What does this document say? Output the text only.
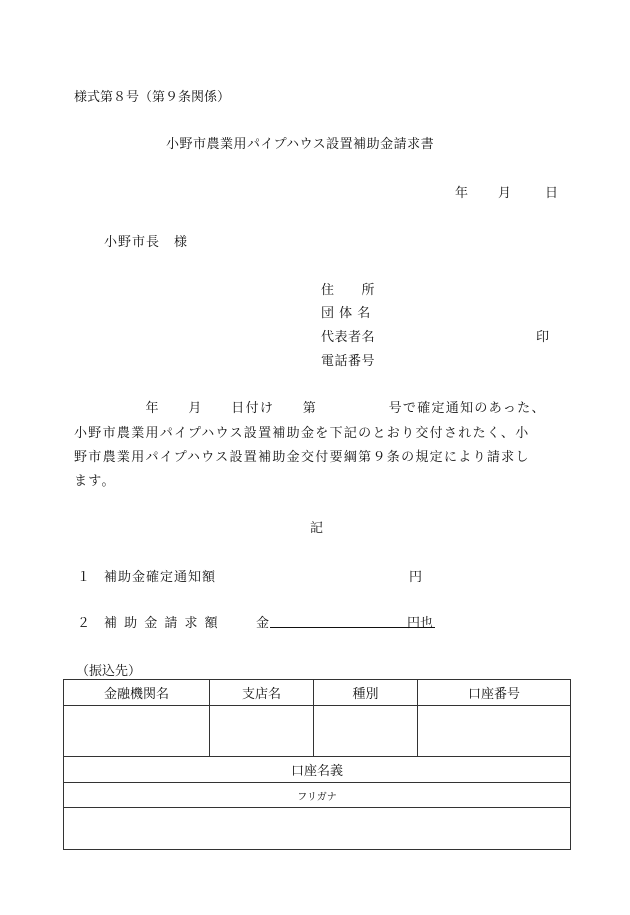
様式第８号（第９条関係）
小野市農業用パイプハウス設置補助金請求書
年 月	日
小野市長　様
住　　所
団 体 名
代表者名	印
電話番号
　　　　　年　　月　　日付け　　第　　　　　号で確定通知のあった、
小野市農業用パイプハウス設置補助金を下記のとおり交付されたく、小
野市農業用パイプハウス設置補助金交付要綱第９条の規定により請求し
ます。
記
１ 補助金確定通知額	円
２ 補 助 金 請 求 額	金	円也
（振込先）
金融機関名	支店名	種別	口座番号

口座名義			
フリガナ			
